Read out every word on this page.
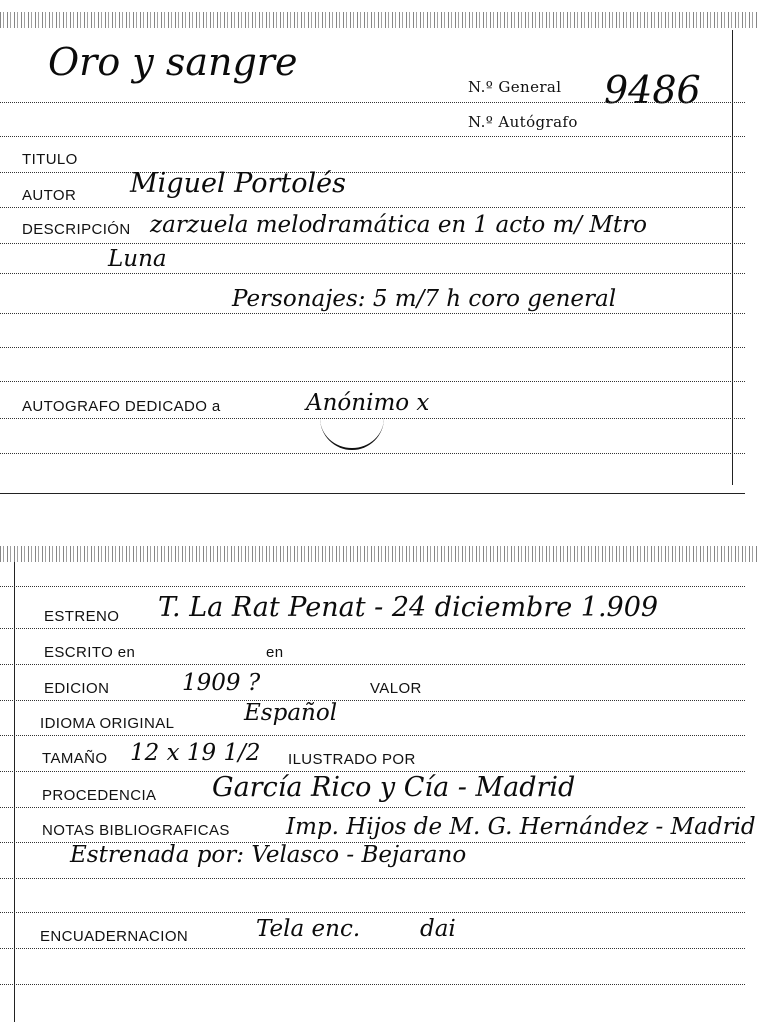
Oro y sangre
N.º General 9486
N.º Autógrafo
TITULO
AUTOR Miguel Portolés
DESCRIPCIÓN zarzuela melodramática en 1 acto m/ Mtro
Luna
Personajes: 5 m/7 h coro general
AUTOGRAFO DEDICADO a	Anónimo x
ESTRENO T. La Rat Penat - 24 diciembre 1.909
ESCRITO en	en
EDICION	1909 ?	VALOR
IDIOMA ORIGINAL	Español
TAMAÑO 12 x 19 1/2 ILUSTRADO POR
PROCEDENCIA García Rico y Cía - Madrid
NOTAS BIBLIOGRAFICAS Imp. Hijos de M. G. Hernández - Madrid
Estrenada por: Velasco - Bejarano
ENCUADERNACION	Tela enc.	dai
